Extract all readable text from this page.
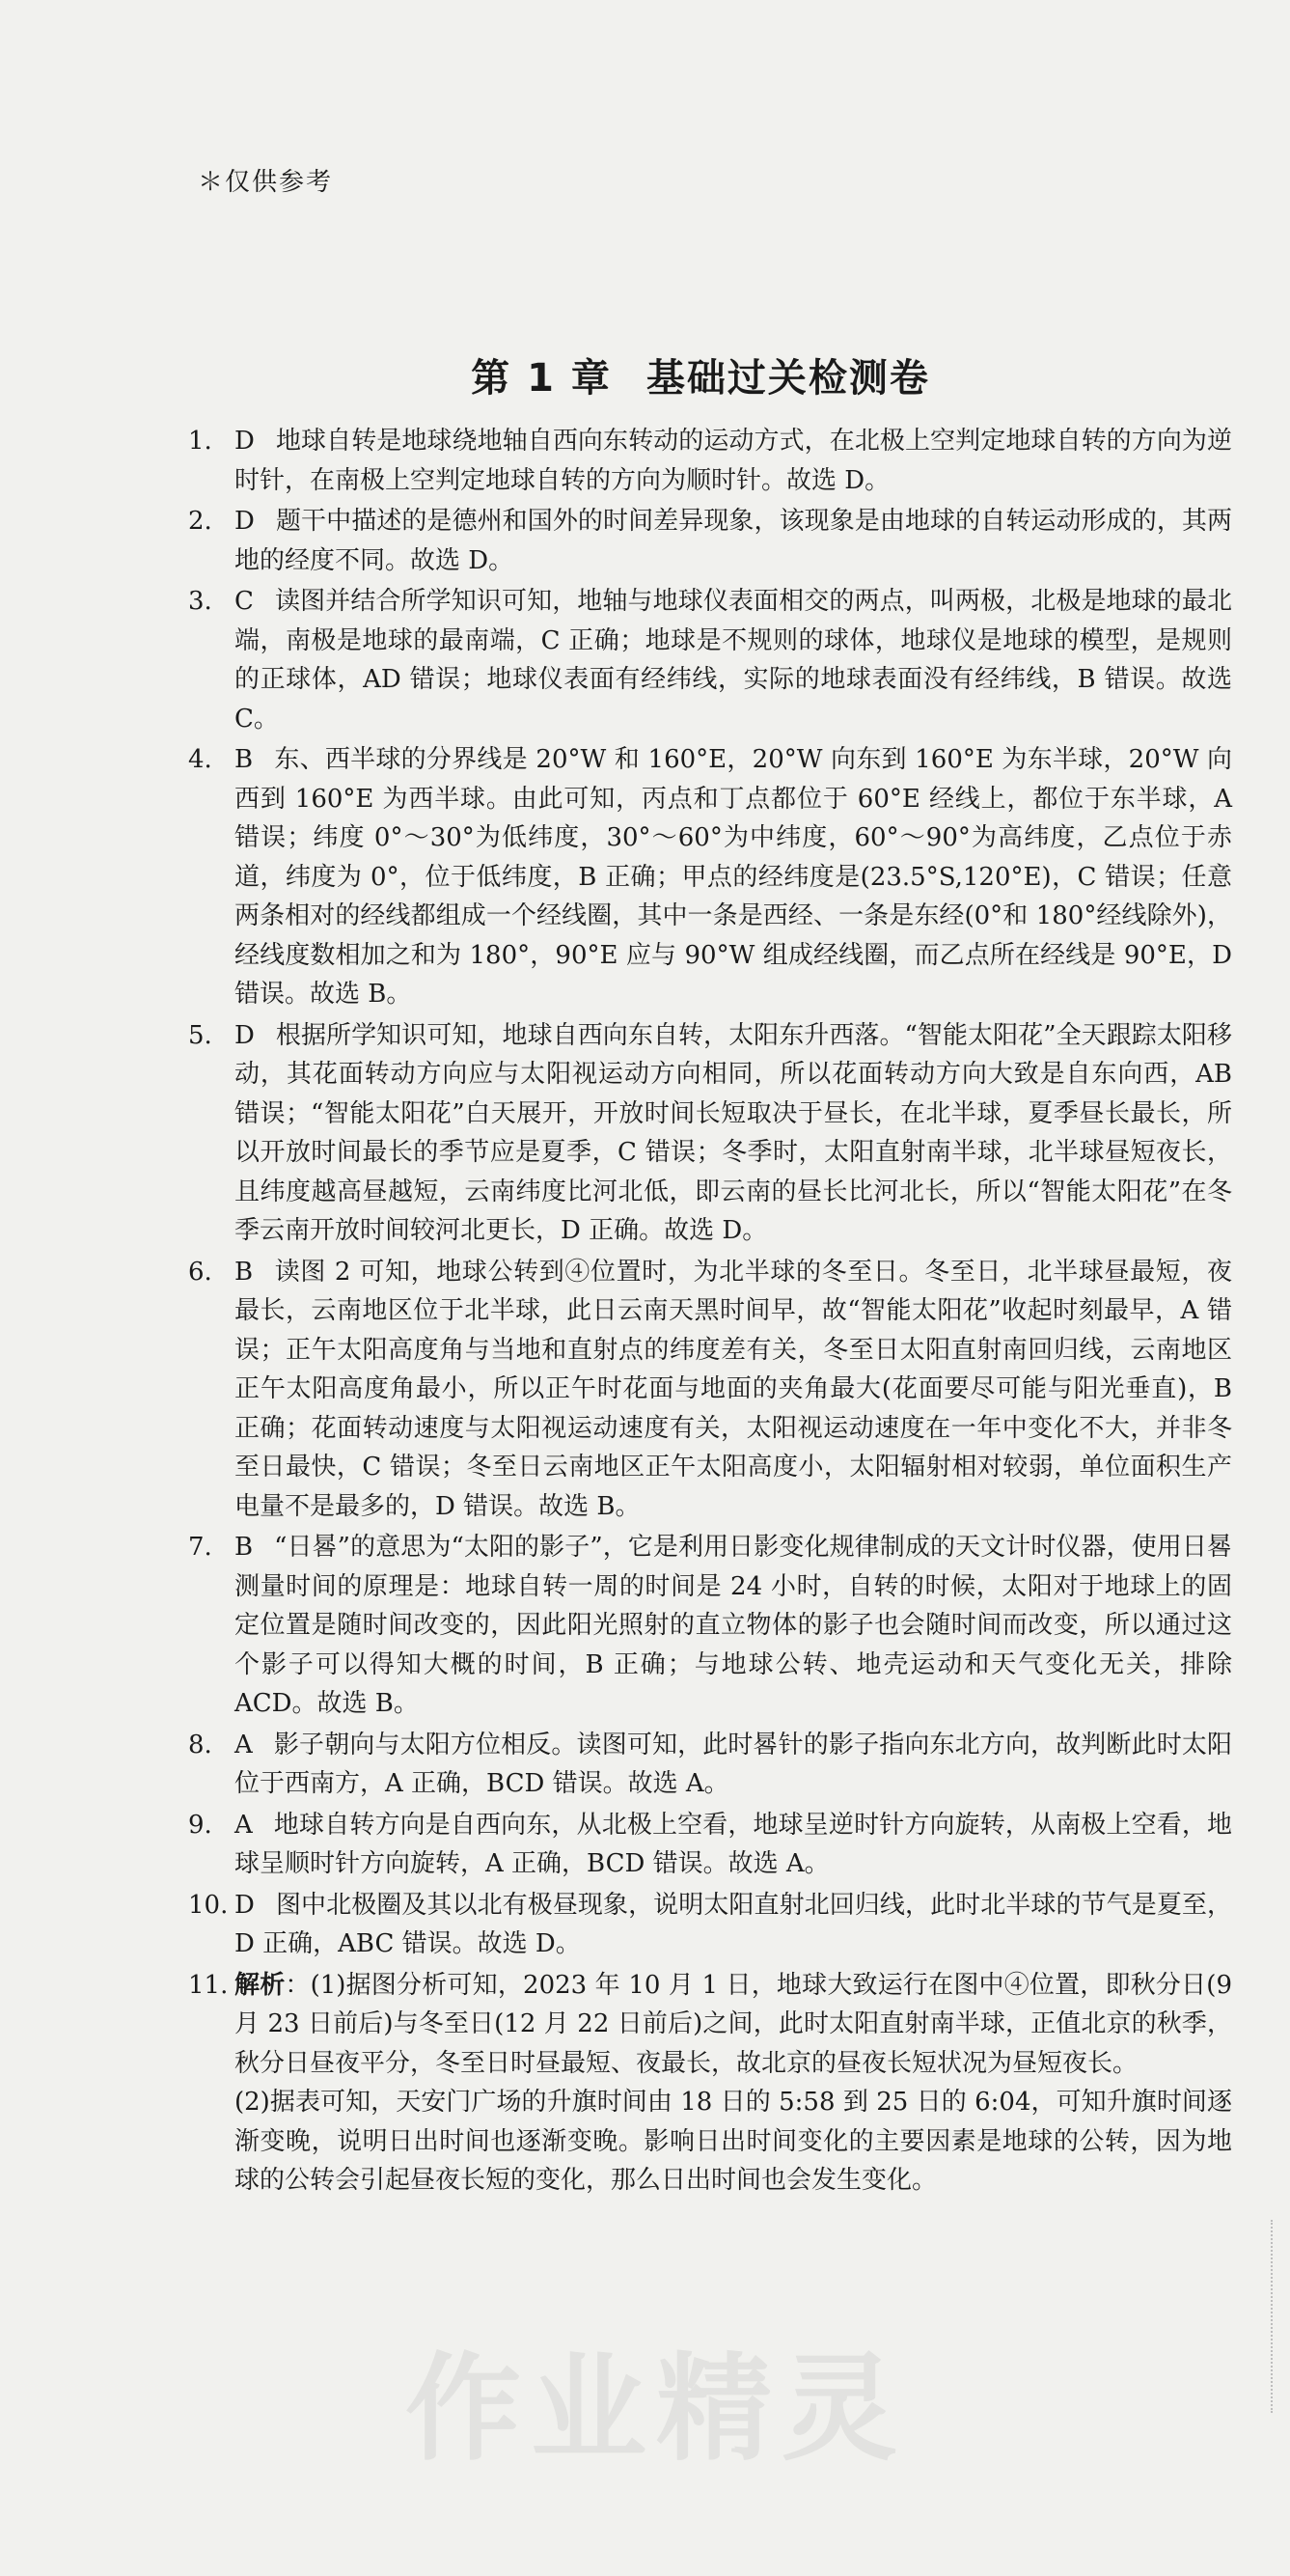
＊仅供参考
第 1 章 基础过关检测卷
1. D 地球自转是地球绕地轴自西向东转动的运动方式，在北极上空判定地球自转的方向为逆时针，在南极上空判定地球自转的方向为顺时针。故选 D。
2. D 题干中描述的是德州和国外的时间差异现象，该现象是由地球的自转运动形成的，其两地的经度不同。故选 D。
3. C 读图并结合所学知识可知，地轴与地球仪表面相交的两点，叫两极，北极是地球的最北端，南极是地球的最南端，C 正确；地球是不规则的球体，地球仪是地球的模型，是规则的正球体，AD 错误；地球仪表面有经纬线，实际的地球表面没有经纬线，B 错误。故选 C。
4. B 东、西半球的分界线是 20°W 和 160°E，20°W 向东到 160°E 为东半球，20°W 向西到 160°E 为西半球。由此可知，丙点和丁点都位于 60°E 经线上，都位于东半球，A 错误；纬度 0°～30°为低纬度，30°～60°为中纬度，60°～90°为高纬度，乙点位于赤道，纬度为 0°，位于低纬度，B 正确；甲点的经纬度是(23.5°S,120°E)，C 错误；任意两条相对的经线都组成一个经线圈，其中一条是西经、一条是东经(0°和 180°经线除外)，经线度数相加之和为 180°，90°E 应与 90°W 组成经线圈，而乙点所在经线是 90°E，D 错误。故选 B。
5. D 根据所学知识可知，地球自西向东自转，太阳东升西落。“智能太阳花”全天跟踪太阳移动，其花面转动方向应与太阳视运动方向相同，所以花面转动方向大致是自东向西，AB 错误；“智能太阳花”白天展开，开放时间长短取决于昼长，在北半球，夏季昼长最长，所以开放时间最长的季节应是夏季，C 错误；冬季时，太阳直射南半球，北半球昼短夜长，且纬度越高昼越短，云南纬度比河北低，即云南的昼长比河北长，所以“智能太阳花”在冬季云南开放时间较河北更长，D 正确。故选 D。
6. B 读图 2 可知，地球公转到④位置时，为北半球的冬至日。冬至日，北半球昼最短，夜最长，云南地区位于北半球，此日云南天黑时间早，故“智能太阳花”收起时刻最早，A 错误；正午太阳高度角与当地和直射点的纬度差有关，冬至日太阳直射南回归线，云南地区正午太阳高度角最小，所以正午时花面与地面的夹角最大(花面要尽可能与阳光垂直)，B 正确；花面转动速度与太阳视运动速度有关，太阳视运动速度在一年中变化不大，并非冬至日最快，C 错误；冬至日云南地区正午太阳高度小，太阳辐射相对较弱，单位面积生产电量不是最多的，D 错误。故选 B。
7. B “日晷”的意思为“太阳的影子”，它是利用日影变化规律制成的天文计时仪器，使用日晷测量时间的原理是：地球自转一周的时间是 24 小时，自转的时候，太阳对于地球上的固定位置是随时间改变的，因此阳光照射的直立物体的影子也会随时间而改变，所以通过这个影子可以得知大概的时间，B 正确；与地球公转、地壳运动和天气变化无关，排除 ACD。故选 B。
8. A 影子朝向与太阳方位相反。读图可知，此时晷针的影子指向东北方向，故判断此时太阳位于西南方，A 正确，BCD 错误。故选 A。
9. A 地球自转方向是自西向东，从北极上空看，地球呈逆时针方向旋转，从南极上空看，地球呈顺时针方向旋转，A 正确，BCD 错误。故选 A。
10. D 图中北极圈及其以北有极昼现象，说明太阳直射北回归线，此时北半球的节气是夏至，D 正确，ABC 错误。故选 D。
11. 解析：(1)据图分析可知，2023 年 10 月 1 日，地球大致运行在图中④位置，即秋分日(9 月 23 日前后)与冬至日(12 月 22 日前后)之间，此时太阳直射南半球，正值北京的秋季，秋分日昼夜平分，冬至日时昼最短、夜最长，故北京的昼夜长短状况为昼短夜长。
(2)据表可知，天安门广场的升旗时间由 18 日的 5:58 到 25 日的 6:04，可知升旗时间逐渐变晚，说明日出时间也逐渐变晚。影响日出时间变化的主要因素是地球的公转，因为地球的公转会引起昼夜长短的变化，那么日出时间也会发生变化。
作业精灵
